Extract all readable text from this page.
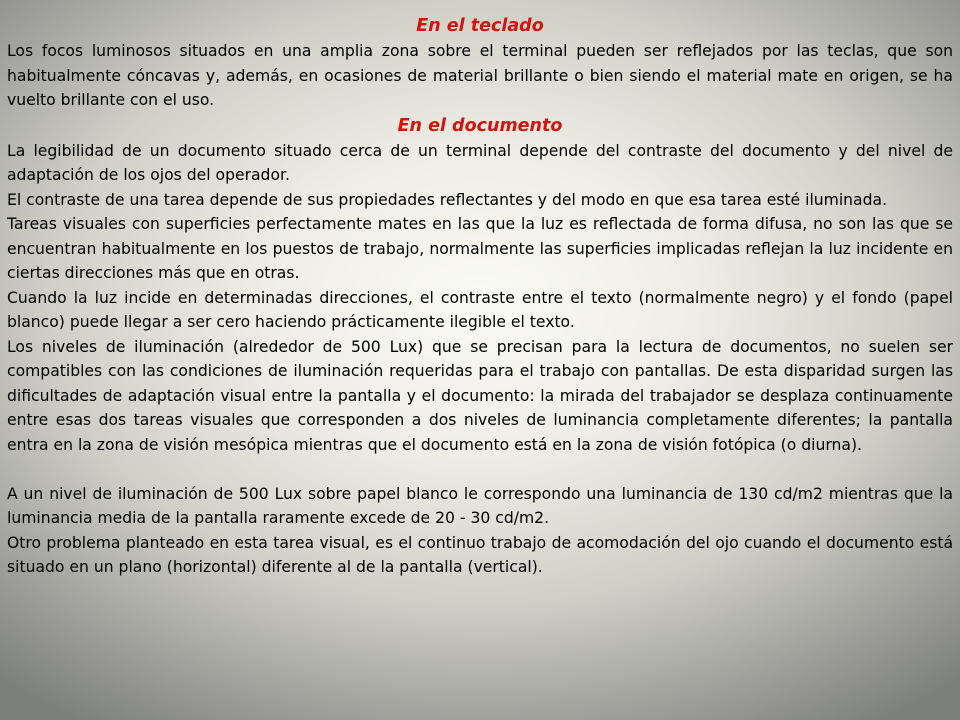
En el teclado

Los focos luminosos situados en una amplia zona sobre el terminal pueden ser reflejados por las teclas, que son habitualmente cóncavas y, además, en ocasiones de material brillante o bien siendo el material mate en origen, se ha vuelto brillante con el uso.

En el documento

La legibilidad de un documento situado cerca de un terminal depende del contraste del documento y del nivel de adaptación de los ojos del operador.

El contraste de una tarea depende de sus propiedades reflectantes y del modo en que esa tarea esté iluminada.

Tareas visuales con superficies perfectamente mates en las que la luz es reflectada de forma difusa, no son las que se encuentran habitualmente en los puestos de trabajo, normalmente las superficies implicadas reflejan la luz incidente en ciertas direcciones más que en otras.

Cuando la luz incide en determinadas direcciones, el contraste entre el texto (normalmente negro) y el fondo (papel blanco) puede llegar a ser cero haciendo prácticamente ilegible el texto.

Los niveles de iluminación (alrededor de 500 Lux) que se precisan para la lectura de documentos, no suelen ser compatibles con las condiciones de iluminación requeridas para el trabajo con pantallas. De esta disparidad surgen las dificultades de adaptación visual entre la pantalla y el documento: la mirada del trabajador se desplaza continuamente entre esas dos tareas visuales que corresponden a dos niveles de luminancia completamente diferentes; la pantalla entra en la zona de visión mesópica mientras que el documento está en la zona de visión fotópica (o diurna).

A un nivel de iluminación de 500 Lux sobre papel blanco le correspondo una luminancia de 130 cd/m2 mientras que la luminancia media de la pantalla raramente excede de 20 - 30 cd/m2.

Otro problema planteado en esta tarea visual, es el continuo trabajo de acomodación del ojo cuando el documento está situado en un plano (horizontal) diferente al de la pantalla (vertical).
